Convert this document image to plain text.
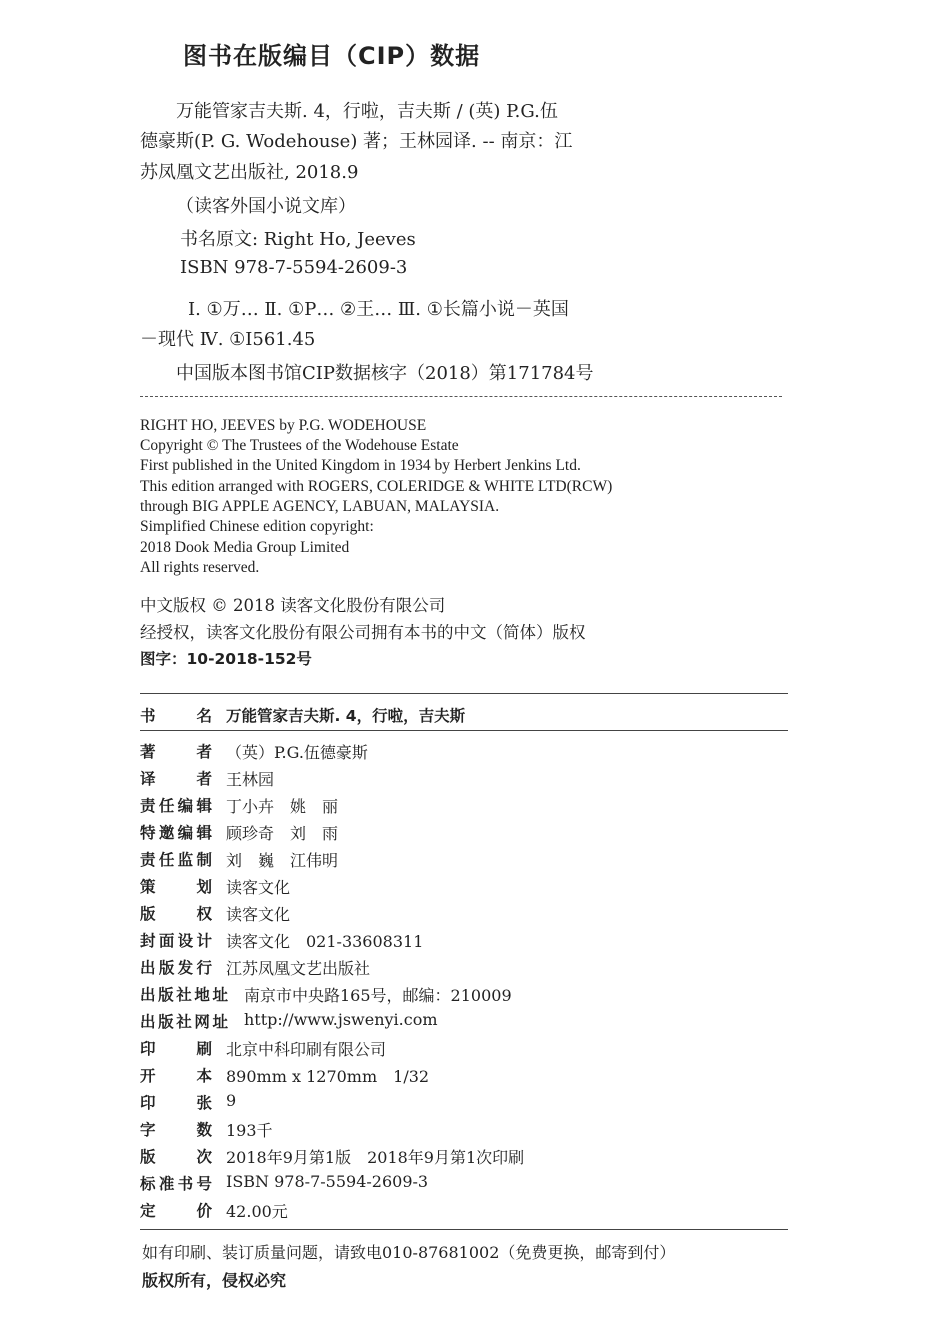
图书在版编目（CIP）数据
万能管家吉夫斯. 4，行啦，吉夫斯 / (英) P.G.伍
德豪斯(P. G. Wodehouse) 著；王林园译. -- 南京：江
苏凤凰文艺出版社, 2018.9
（读客外国小说文库）
书名原文: Right Ho, Jeeves
ISBN 978-7-5594-2609-3
Ⅰ. ①万… Ⅱ. ①P… ②王… Ⅲ. ①长篇小说－英国
－现代 Ⅳ. ①I561.45
中国版本图书馆CIP数据核字（2018）第171784号
RIGHT HO, JEEVES by P.G. WODEHOUSE
Copyright © The Trustees of the Wodehouse Estate
First published in the United Kingdom in 1934 by Herbert Jenkins Ltd.
This edition arranged with ROGERS, COLERIDGE & WHITE LTD(RCW)
through BIG APPLE AGENCY, LABUAN, MALAYSIA.
Simplified Chinese edition copyright:
2018 Dook Media Group Limited
All rights reserved.
中文版权 © 2018 读客文化股份有限公司
经授权，读客文化股份有限公司拥有本书的中文（简体）版权
图字：10-2018-152号
书　名 万能管家吉夫斯. 4，行啦，吉夫斯
著者 （英）P.G.伍德豪斯
译者 王林园
责任编辑 丁小卉　姚　丽
特邀编辑 顾珍奇　刘　雨
责任监制 刘　巍　江伟明
策划 读客文化
版权 读客文化
封面设计 读客文化　021-33608311
出版发行 江苏凤凰文艺出版社
出版社地址 南京市中央路165号，邮编：210009
出版社网址 http://www.jswenyi.com
印刷 北京中科印刷有限公司
开本 890mm x 1270mm　1/32
印张 9
字数 193千
版次 2018年9月第1版　2018年9月第1次印刷
标准书号 ISBN 978-7-5594-2609-3
定价 42.00元
如有印刷、装订质量问题，请致电010-87681002（免费更换，邮寄到付）
版权所有，侵权必究
